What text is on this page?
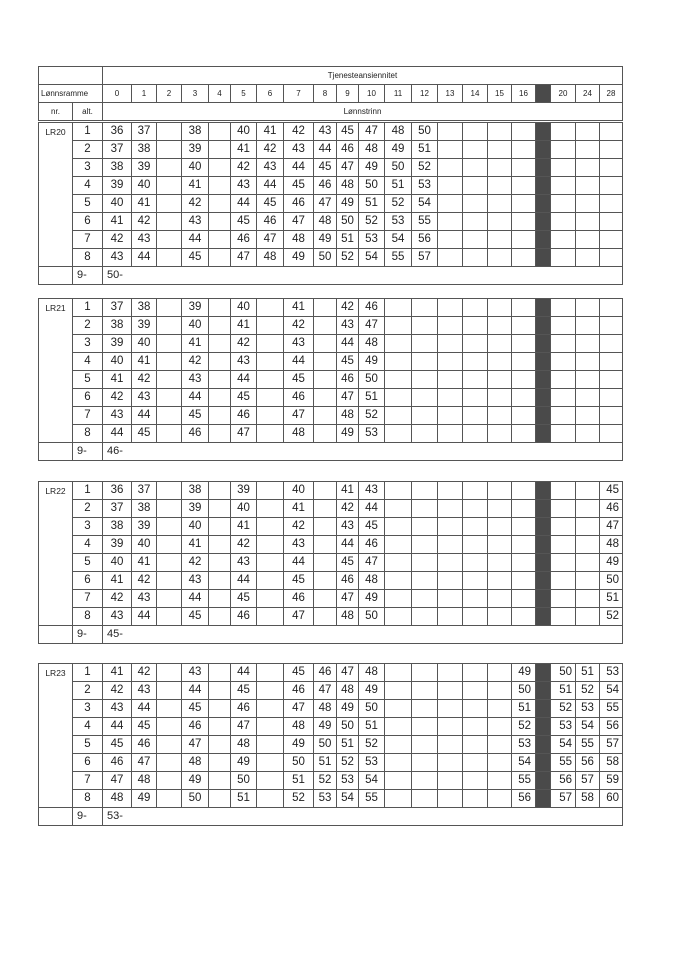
		Tjenesteansiennitet																				
Lønnsramme		0	1	2	3	4	5	6	7	8	9	10	11	12	13	14	15	16		20	24	28
nr.	alt.	Lønnstrinn																				
LR20	1	36	37		38		40	41	42	43	45	47	48	50								
	2	37	38		39		41	42	43	44	46	48	49	51								
	3	38	39		40		42	43	44	45	47	49	50	52								
	4	39	40		41		43	44	45	46	48	50	51	53								
	5	40	41		42		44	45	46	47	49	51	52	54								
	6	41	42		43		45	46	47	48	50	52	53	55								
	7	42	43		44		46	47	48	49	51	53	54	56								
	8	43	44		45		47	48	49	50	52	54	55	57								
	9-	50-																				
LR21	1	37	38		39		40		41		42	46										
	2	38	39		40		41		42		43	47										
	3	39	40		41		42		43		44	48										
	4	40	41		42		43		44		45	49										
	5	41	42		43		44		45		46	50										
	6	42	43		44		45		46		47	51										
	7	43	44		45		46		47		48	52										
	8	44	45		46		47		48		49	53										
	9-	46-																				
LR22	1	36	37		38		39		40		41	43										45
	2	37	38		39		40		41		42	44										46
	3	38	39		40		41		42		43	45										47
	4	39	40		41		42		43		44	46										48
	5	40	41		42		43		44		45	47										49
	6	41	42		43		44		45		46	48										50
	7	42	43		44		45		46		47	49										51
	8	43	44		45		46		47		48	50										52
	9-	45-																				
LR23	1	41	42		43		44		45	46	47	48						49		50	51	53
	2	42	43		44		45		46	47	48	49						50		51	52	54
	3	43	44		45		46		47	48	49	50						51		52	53	55
	4	44	45		46		47		48	49	50	51						52		53	54	56
	5	45	46		47		48		49	50	51	52						53		54	55	57
	6	46	47		48		49		50	51	52	53						54		55	56	58
	7	47	48		49		50		51	52	53	54						55		56	57	59
	8	48	49		50		51		52	53	54	55						56		57	58	60
	9-	53-																				
